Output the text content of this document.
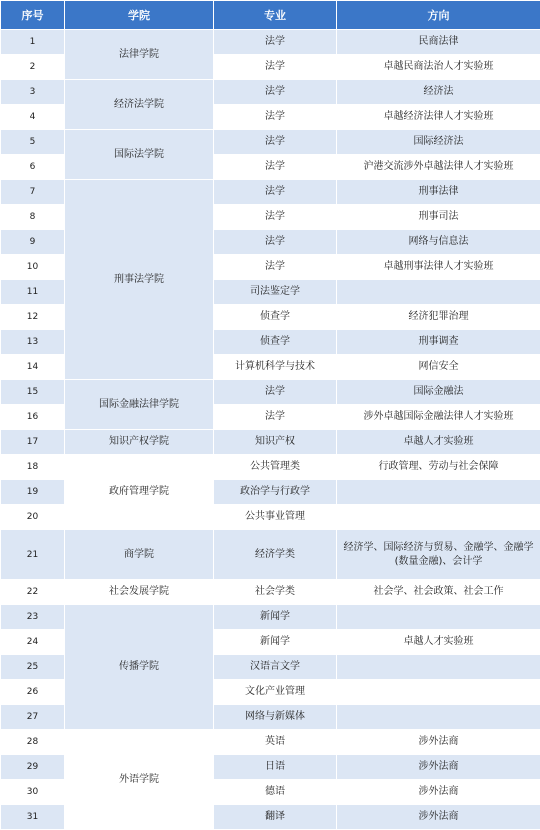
序号	学院	专业	方向
1	法律学院	法学	民商法律
2		法学	卓越民商法治人才实验班
3	经济法学院	法学	经济法
4		法学	卓越经济法律人才实验班
5	国际法学院	法学	国际经济法
6		法学	沪港交流涉外卓越法律人才实验班
7	刑事法学院	法学	刑事法律
8		法学	刑事司法
9		法学	网络与信息法
10		法学	卓越刑事法律人才实验班
11		司法鉴定学	
12		侦查学	经济犯罪治理
13		侦查学	刑事调查
14		计算机科学与技术	网信安全
15	国际金融法律学院	法学	国际金融法
16		法学	涉外卓越国际金融法律人才实验班
17	知识产权学院	知识产权	卓越人才实验班
18	政府管理学院	公共管理类	行政管理、劳动与社会保障
19		政治学与行政学	
20		公共事业管理	
21	商学院	经济学类	经济学、国际经济与贸易、金融学、金融学(数量金融)、会计学
22	社会发展学院	社会学类	社会学、社会政策、社会工作
23	传播学院	新闻学	
24		新闻学	卓越人才实验班
25		汉语言文学	
26		文化产业管理	
27		网络与新媒体	
28	外语学院	英语	涉外法商
29		日语	涉外法商
30		德语	涉外法商
31		翻译	涉外法商
